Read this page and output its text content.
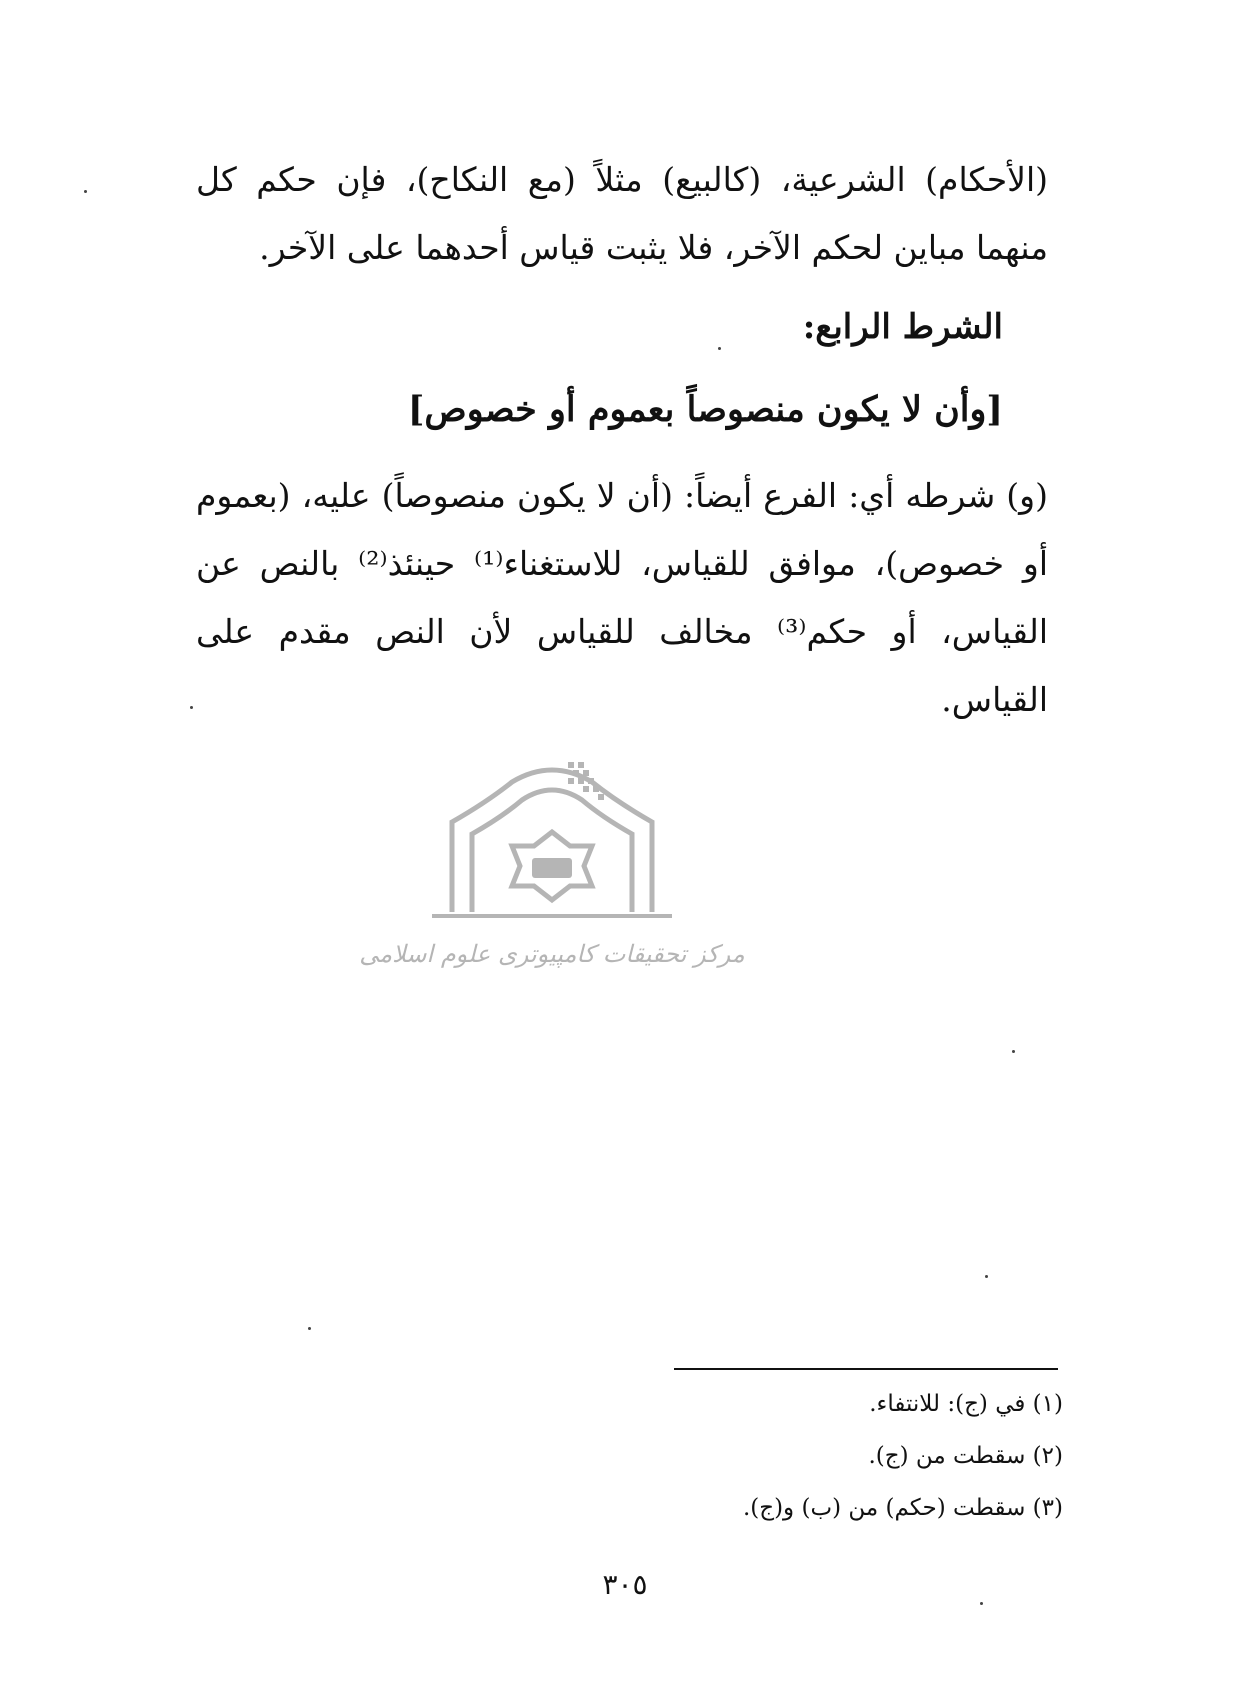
(الأحكام) الشرعية، (كالبيع) مثلاً (مع النكاح)، فإن حكم كل منهما مباين لحكم الآخر، فلا يثبت قياس أحدهما على الآخر.
الشرط الرابع:
[وأن لا يكون منصوصاً بعموم أو خصوص]
(و) شرطه أي: الفرع أيضاً: (أن لا يكون منصوصاً) عليه، (بعموم أو خصوص)، موافق للقياس، للاستغناء⁽¹⁾ حينئذ⁽²⁾ بالنص عن القياس، أو حكم⁽³⁾ مخالف للقياس لأن النص مقدم على القياس.
مرکز تحقیقات کامپیوتری علوم اسلامی
(١) في (ج): للانتفاء.
(٢) سقطت من (ج).
(٣) سقطت (حكم) من (ب) و(ج).
٣٠٥
